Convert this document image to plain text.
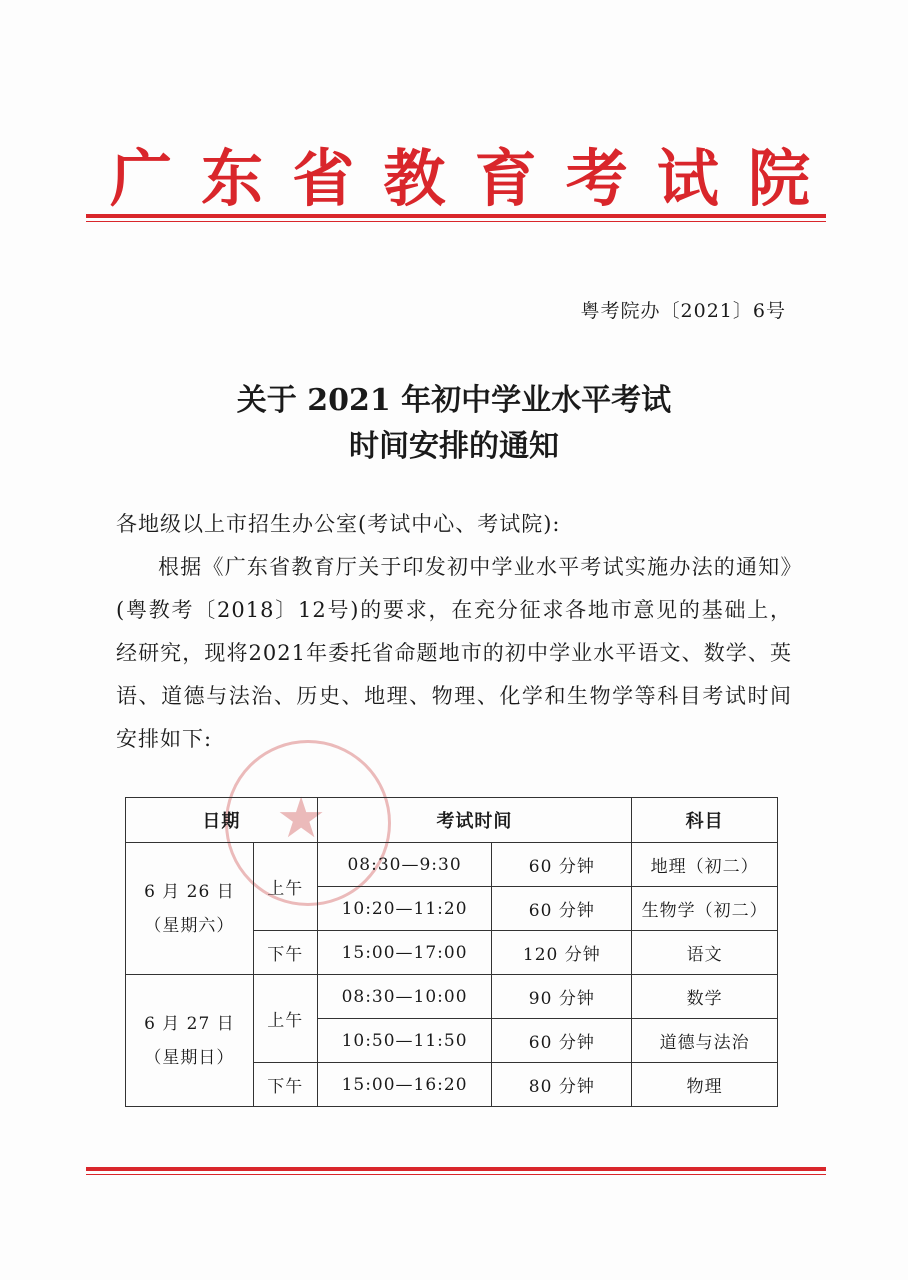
广 东 省 教 育 考 试 院
粤考院办〔2021〕6号
关于 2021 年初中学业水平考试
时间安排的通知
各地级以上市招生办公室(考试中心、考试院):
根据《广东省教育厅关于印发初中学业水平考试实施办法的通知》(粤教考〔2018〕12号)的要求，在充分征求各地市意见的基础上，经研究，现将2021年委托省命题地市的初中学业水平语文、数学、英语、道德与法治、历史、地理、物理、化学和生物学等科目考试时间安排如下:
★
日期		考试时间		科目

6 月 26 日
（星期六）	上午	08:30—9:30	60 分钟	地理（初二）
		10:20—11:20	60 分钟	生物学（初二）
	下午	15:00—17:00	120 分钟	语文

6 月 27 日
（星期日）	上午	08:30—10:00	90 分钟	数学
		10:50—11:50	60 分钟	道德与法治
	下午	15:00—16:20	80 分钟	物理
